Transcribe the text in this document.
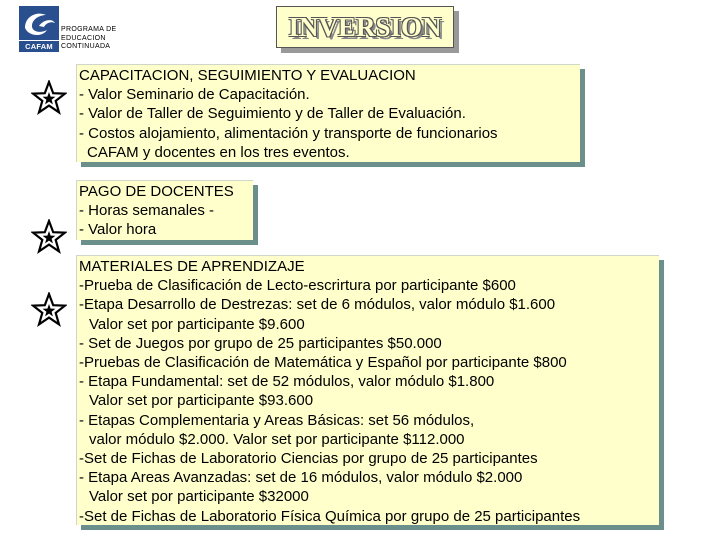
CAFAM
PROGRAMA DE
EDUCACION
CONTINUADA
INVERSION
CAPACITACION, SEGUIMIENTO Y EVALUACION
- Valor Seminario de Capacitación.
- Valor de Taller de Seguimiento y de Taller de Evaluación.
- Costos alojamiento, alimentación y transporte de funcionarios
CAFAM y docentes en los tres eventos.
PAGO DE DOCENTES
- Horas semanales -
- Valor hora
MATERIALES DE APRENDIZAJE
-Prueba de Clasificación de Lecto-escrirtura por participante $600
-Etapa Desarrollo de Destrezas: set de 6 módulos, valor módulo $1.600
Valor set por participante $9.600
- Set de Juegos por grupo de 25 participantes $50.000
-Pruebas de Clasificación de Matemática y Español por participante $800
- Etapa Fundamental: set de 52 módulos, valor módulo $1.800
Valor set por participante $93.600
- Etapas Complementaria y Areas Básicas: set 56 módulos,
valor módulo $2.000. Valor set por participante $112.000
-Set de Fichas de Laboratorio Ciencias por grupo de 25 participantes
- Etapa Areas Avanzadas: set de 16 módulos, valor módulo $2.000
Valor set por participante $32000
-Set de Fichas de Laboratorio Física Química por grupo de 25 participantes
